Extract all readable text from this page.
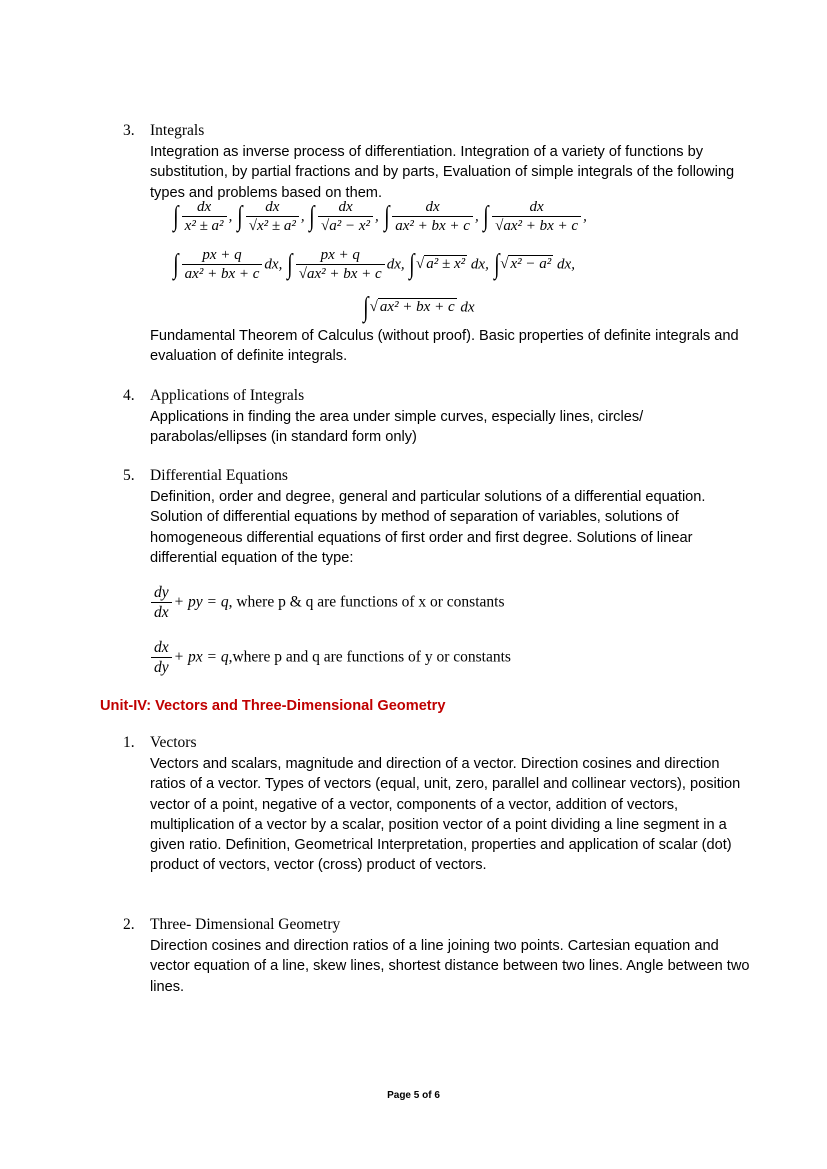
3. Integrals
Integration as inverse process of differentiation. Integration of a variety of functions by substitution, by partial fractions and by parts, Evaluation of simple integrals of the following types and problems based on them.
∫ $\frac{dx}{\text{x² ± a²}}$ , ∫ $\frac{dx}{\text{√x² ± a²}}$ , ∫ $\frac{dx}{\text{√a² − x²}}$ , ∫ $\frac{dx}{\text{ax² + bx + c}}$ , ∫ $\frac{dx}{\text{√ax² + bx + c}}$ ,
∫ $\frac{px + q}{\text{ax² + bx + c}}$ dx, ∫ $\frac{px + q}{\text{√ax² + bx + c}}$ dx, ∫√ a² ± x² dx, ∫√ x² − a² dx,
∫√ ax² + bx + c dx
Fundamental Theorem of Calculus (without proof). Basic properties of definite integrals and evaluation of definite integrals.
4. Applications of Integrals
Applications in finding the area under simple curves, especially lines, circles/ parabolas/ellipses (in standard form only)
5. Differential Equations
Definition, order and degree, general and particular solutions of a differential equation. Solution of differential equations by method of separation of variables, solutions of homogeneous differential equations of first order and first degree. Solutions of linear differential equation of the type:
$\frac{dy}{dx}$ + py = q, where p & q are functions of x or constants
$\frac{dx}{dy}$ + px = q,where p and q are functions of y or constants
Unit-IV: Vectors and Three-Dimensional Geometry
1. Vectors
Vectors and scalars, magnitude and direction of a vector. Direction cosines and direction ratios of a vector. Types of vectors (equal, unit, zero, parallel and collinear vectors), position vector of a point, negative of a vector, components of a vector, addition of vectors, multiplication of a vector by a scalar, position vector of a point dividing a line segment in a given ratio. Definition, Geometrical Interpretation, properties and application of scalar (dot) product of vectors, vector (cross) product of vectors.
2. Three- Dimensional Geometry
Direction cosines and direction ratios of a line joining two points. Cartesian equation and vector equation of a line, skew lines, shortest distance between two lines. Angle between two lines.
Page 5 of 6
